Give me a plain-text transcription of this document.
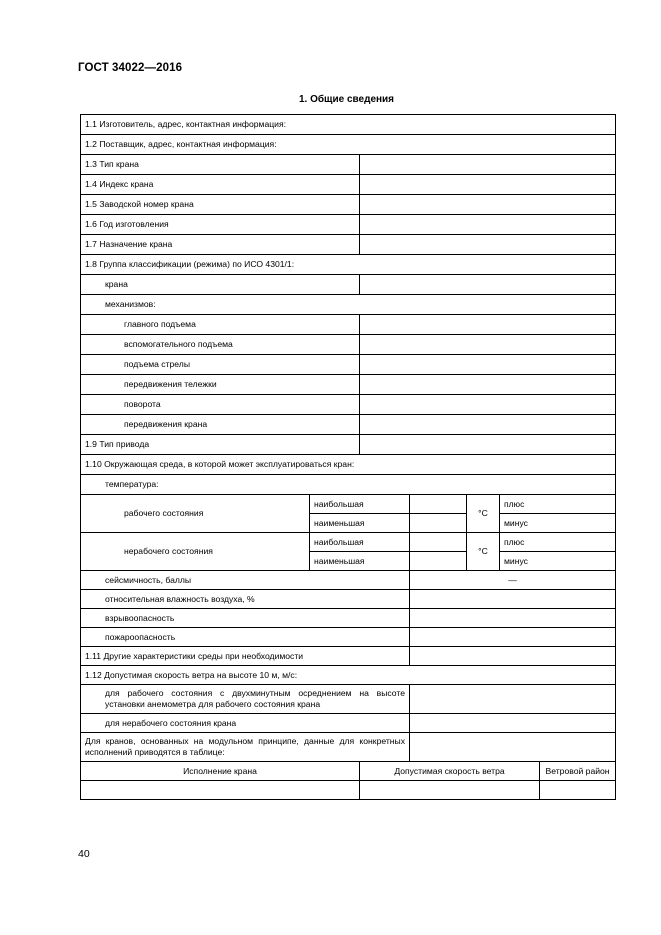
ГОСТ 34022—2016
1. Общие сведения
1.1 Изготовитель, адрес, контактная информация:						
1.2 Поставщик, адрес, контактная информация:						
1.3 Тип крана						
1.4 Индекс крана						
1.5 Заводской номер крана						
1.6 Год изготовления						
1.7 Назначение крана						
1.8 Группа классификации (режима) по ИСО 4301/1:						
крана						
механизмов:						
главного подъема						
вспомогательного подъема						
подъема стрелы						
передвижения тележки						
поворота						
передвижения крана						
1.9 Тип привода						
1.10 Окружающая среда, в которой может эксплуатироваться кран:						
температура:						
рабочего состояния	наибольшая			°С	плюс	
	наименьшая				минус	
нерабочего состояния	наибольшая			°С	плюс	
	наименьшая				минус	
сейсмичность, баллы			—			
относительная влажность воздуха, %						
взрывоопасность						
пожароопасность						
1.11 Другие характеристики среды при необходимости						
1.12 Допустимая скорость ветра на высоте 10 м, м/с:						
для рабочего состояния с двухминутным осреднением на высоте установки анемометра для рабочего состояния крана						
для нерабочего состояния крана						
Для кранов, основанных на модульном принципе, данные для конкретных исполнений приводятся в таблице:						
Исполнение крана		Допустимая скорость ветра				Ветровой район

40
